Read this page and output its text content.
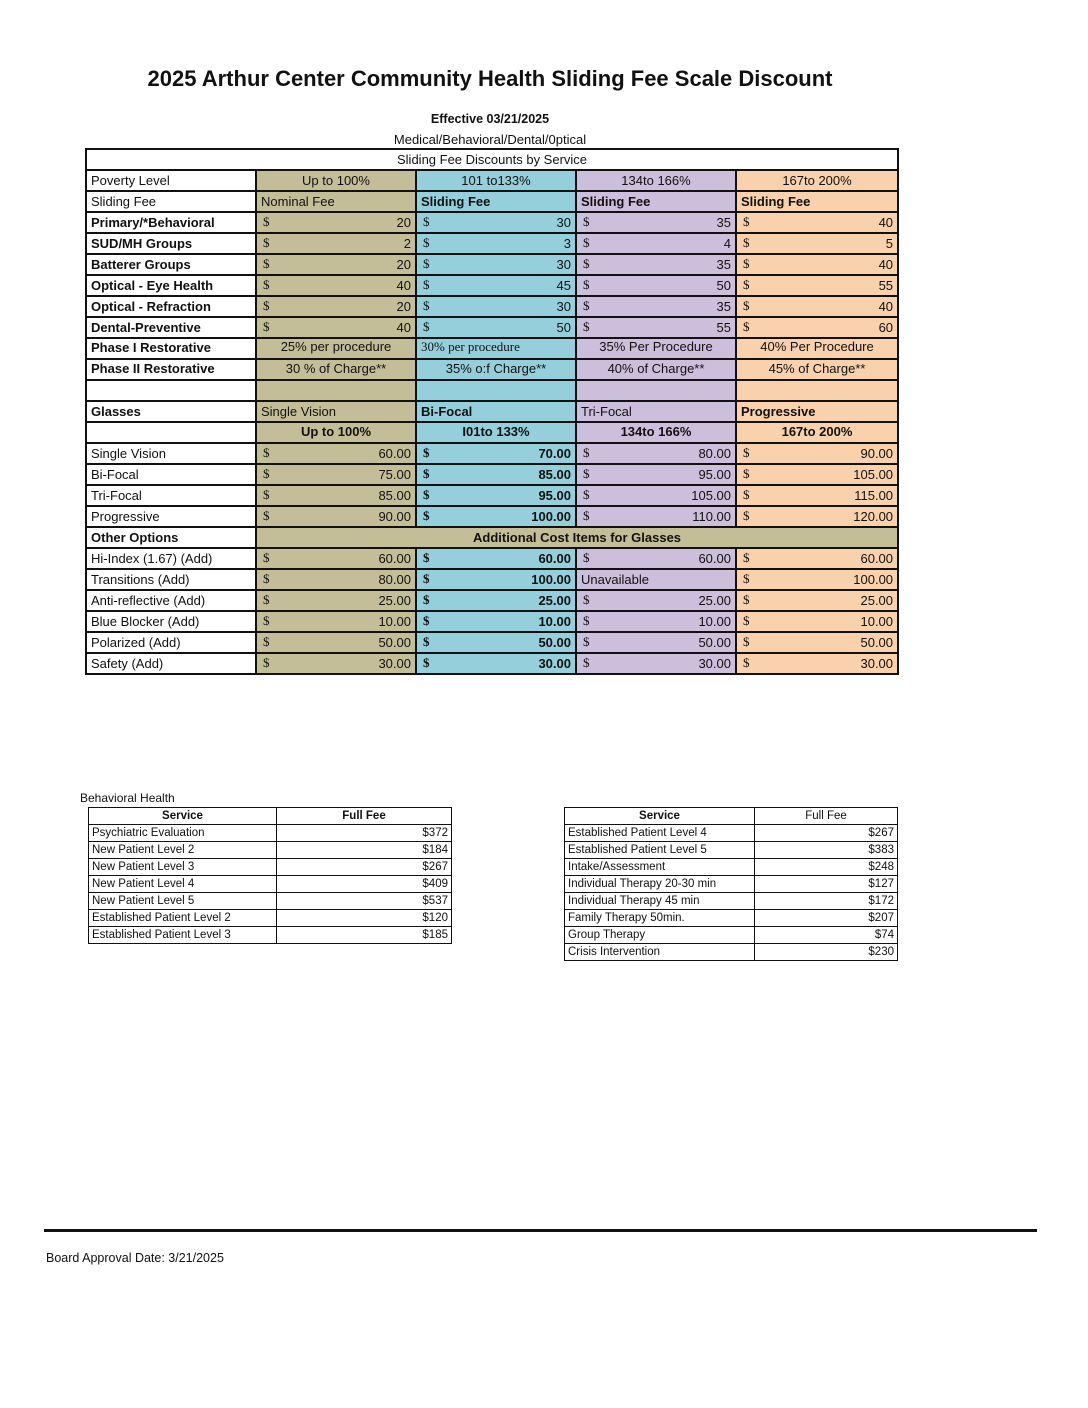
2025 Arthur Center Community Health Sliding Fee Scale Discount
Effective 03/21/2025
Medical/Behavioral/Dental/0ptical
Sliding Fee Discounts by Service				
Poverty Level	Up to 100%	101 to133%	134to 166%	167to 200%
Sliding Fee	Nominal Fee	Sliding Fee	Sliding Fee	Sliding Fee
Primary/*Behavioral	$ 20	$ 30	$ 35	$ 40
SUD/MH Groups	$ 2	$ 3	$ 4	$ 5
Batterer Groups	$ 20	$ 30	$ 35	$ 40
Optical - Eye Health	$ 40	$ 45	$ 50	$ 55
Optical - Refraction	$ 20	$ 30	$ 35	$ 40
Dental-Preventive	$ 40	$ 50	$ 55	$ 60
Phase I Restorative	25% per procedure	30% per procedure	35% Per Procedure	40% Per Procedure
Phase II Restorative	30 % of Charge**	35% o:f Charge**	40% of Charge**	45% of Charge**

Glasses	Single Vision	Bi-Focal	Tri-Focal	Progressive
	Up to 100%	I01to 133%	134to 166%	167to 200%
Single Vision	$ 60.00	$ 70.00	$ 80.00	$ 90.00
Bi-Focal	$ 75.00	$ 85.00	$ 95.00	$ 105.00
Tri-Focal	$ 85.00	$ 95.00	$ 105.00	$ 115.00
Progressive	$ 90.00	$ 100.00	$ 110.00	$ 120.00
Other Options	Additional Cost Items for Glasses			
Hi-Index (1.67) (Add)	$ 60.00	$ 60.00	$ 60.00	$ 60.00
Transitions (Add)	$ 80.00	$ 100.00	Unavailable	$ 100.00
Anti-reflective (Add)	$ 25.00	$ 25.00	$ 25.00	$ 25.00
Blue Blocker (Add)	$ 10.00	$ 10.00	$ 10.00	$ 10.00
Polarized (Add)	$ 50.00	$ 50.00	$ 50.00	$ 50.00
Safety (Add)	$ 30.00	$ 30.00	$ 30.00	$ 30.00
Behavioral Health
Service	Full Fee
Psychiatric Evaluation	$372
New Patient Level 2	$184
New Patient Level 3	$267
New Patient Level 4	$409
New Patient Level 5	$537
Established Patient Level 2	$120
Established Patient Level 3	$185
Service	Full Fee
Established Patient Level 4	$267
Established Patient Level 5	$383
Intake/Assessment	$248
Individual Therapy 20-30 min	$127
Individual Therapy 45 min	$172
Family Therapy 50min.	$207
Group Therapy	$74
Crisis Intervention	$230
Board Approval Date: 3/21/2025
